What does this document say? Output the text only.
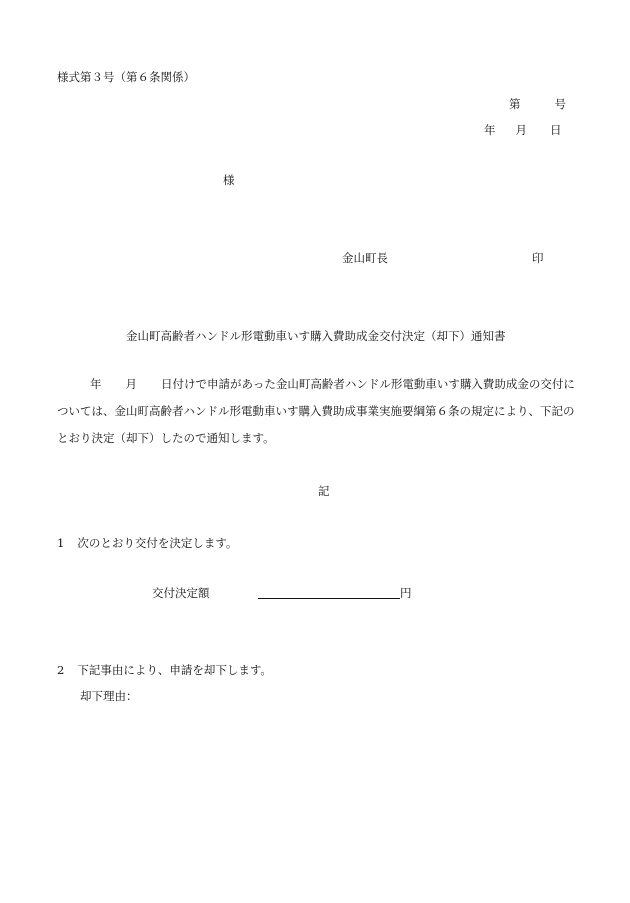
様式第３号（第６条関係）
第	号
年 月 日
様
金山町長	印
金山町高齢者ハンドル形電動車いす購入費助成金交付決定（却下）通知書
年 月 日付けで申請があった金山町高齢者ハンドル形電動車いす購入費助成金の交付に
ついては、金山町高齢者ハンドル形電動車いす購入費助成事業実施要綱第６条の規定により、下記の
とおり決定（却下）したので通知します。
記
1 次のとおり交付を決定します。
交付決定額	円
2 下記事由により、申請を却下します。
却下理由：
